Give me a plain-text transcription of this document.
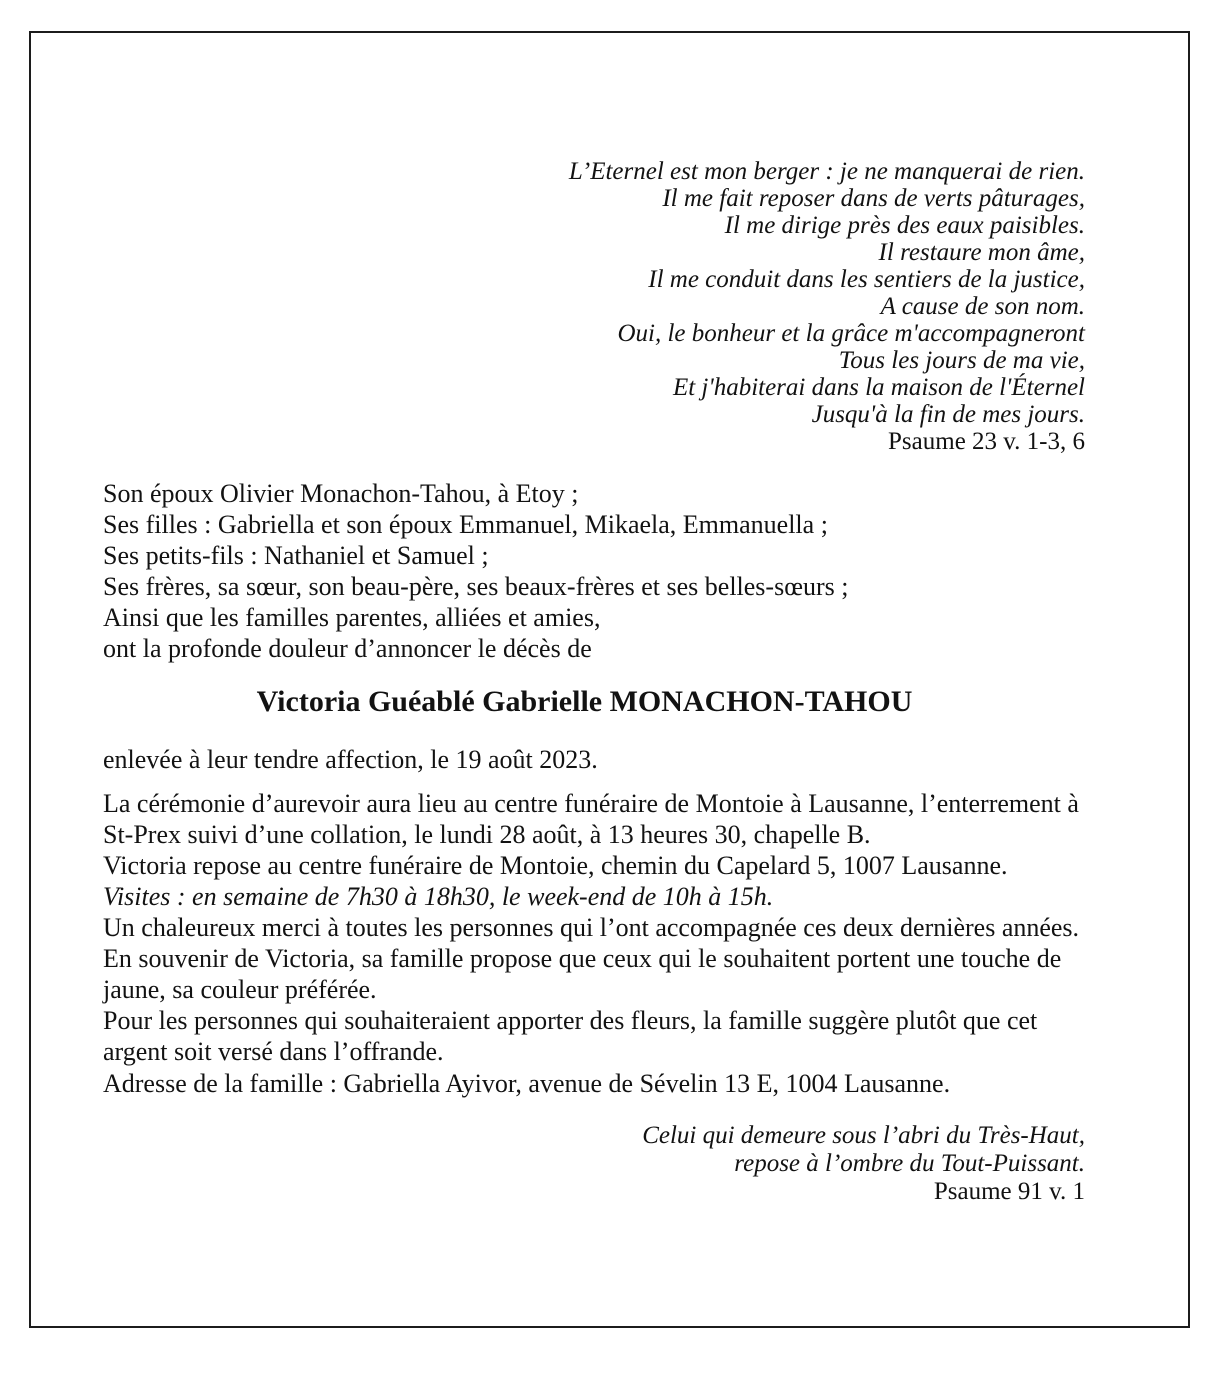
L’Eternel est mon berger : je ne manquerai de rien.
Il me fait reposer dans de verts pâturages,
Il me dirige près des eaux paisibles.
Il restaure mon âme,
Il me conduit dans les sentiers de la justice,
A cause de son nom.
Oui, le bonheur et la grâce m'accompagneront
Tous les jours de ma vie,
Et j'habiterai dans la maison de l'Éternel
Jusqu'à la fin de mes jours.
Psaume 23 v. 1-3, 6
Son époux Olivier Monachon-Tahou, à Etoy ;
Ses filles : Gabriella et son époux Emmanuel, Mikaela, Emmanuella ;
Ses petits-fils : Nathaniel et Samuel ;
Ses frères, sa sœur, son beau-père, ses beaux-frères et ses belles-sœurs ;
Ainsi que les familles parentes, alliées et amies,
ont la profonde douleur d’annoncer le décès de
Victoria Guéablé Gabrielle MONACHON-TAHOU
enlevée à leur tendre affection, le 19 août 2023.
La cérémonie d’aurevoir aura lieu au centre funéraire de Montoie à Lausanne, l’enterrement à
St-Prex suivi d’une collation, le lundi 28 août, à 13 heures 30, chapelle B.
Victoria repose au centre funéraire de Montoie, chemin du Capelard 5, 1007 Lausanne.
Visites : en semaine de 7h30 à 18h30, le week-end de 10h à 15h.
Un chaleureux merci à toutes les personnes qui l’ont accompagnée ces deux dernières années.
En souvenir de Victoria, sa famille propose que ceux qui le souhaitent portent une touche de
jaune, sa couleur préférée.
Pour les personnes qui souhaiteraient apporter des fleurs, la famille suggère plutôt que cet
argent soit versé dans l’offrande.
Adresse de la famille : Gabriella Ayivor, avenue de Sévelin 13 E, 1004 Lausanne.
Celui qui demeure sous l’abri du Très-Haut,
repose à l’ombre du Tout-Puissant.
Psaume 91 v. 1
